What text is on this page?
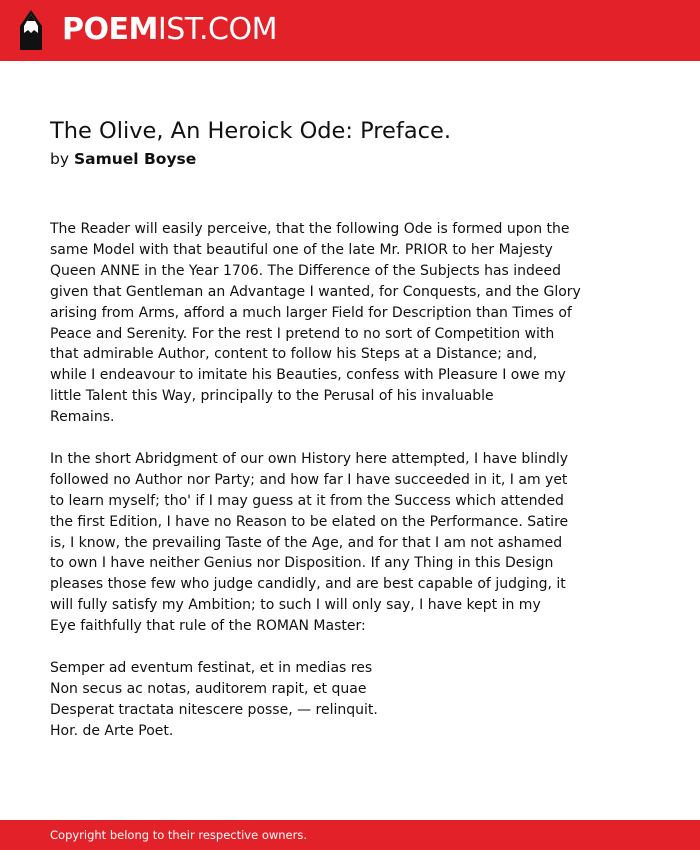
POEMIST.COM
The Olive, An Heroick Ode: Preface.
by Samuel Boyse
The Reader will easily perceive, that the following Ode is formed upon the
same Model with that beautiful one of the late Mr. PRIOR to her Majesty
Queen ANNE in the Year 1706. The Difference of the Subjects has indeed
given that Gentleman an Advantage I wanted, for Conquests, and the Glory
arising from Arms, afford a much larger Field for Description than Times of
Peace and Serenity. For the rest I pretend to no sort of Competition with
that admirable Author, content to follow his Steps at a Distance; and,
while I endeavour to imitate his Beauties, confess with Pleasure I owe my
little Talent this Way, principally to the Perusal of his invaluable
Remains.
In the short Abridgment of our own History here attempted, I have blindly
followed no Author nor Party; and how far I have succeeded in it, I am yet
to learn myself; tho' if I may guess at it from the Success which attended
the first Edition, I have no Reason to be elated on the Performance. Satire
is, I know, the prevailing Taste of the Age, and for that I am not ashamed
to own I have neither Genius nor Disposition. If any Thing in this Design
pleases those few who judge candidly, and are best capable of judging, it
will fully satisfy my Ambition; to such I will only say, I have kept in my
Eye faithfully that rule of the ROMAN Master:
Semper ad eventum festinat, et in medias res
Non secus ac notas, auditorem rapit, et quae
Desperat tractata nitescere posse, — relinquit.
Hor. de Arte Poet.
Copyright belong to their respective owners.
